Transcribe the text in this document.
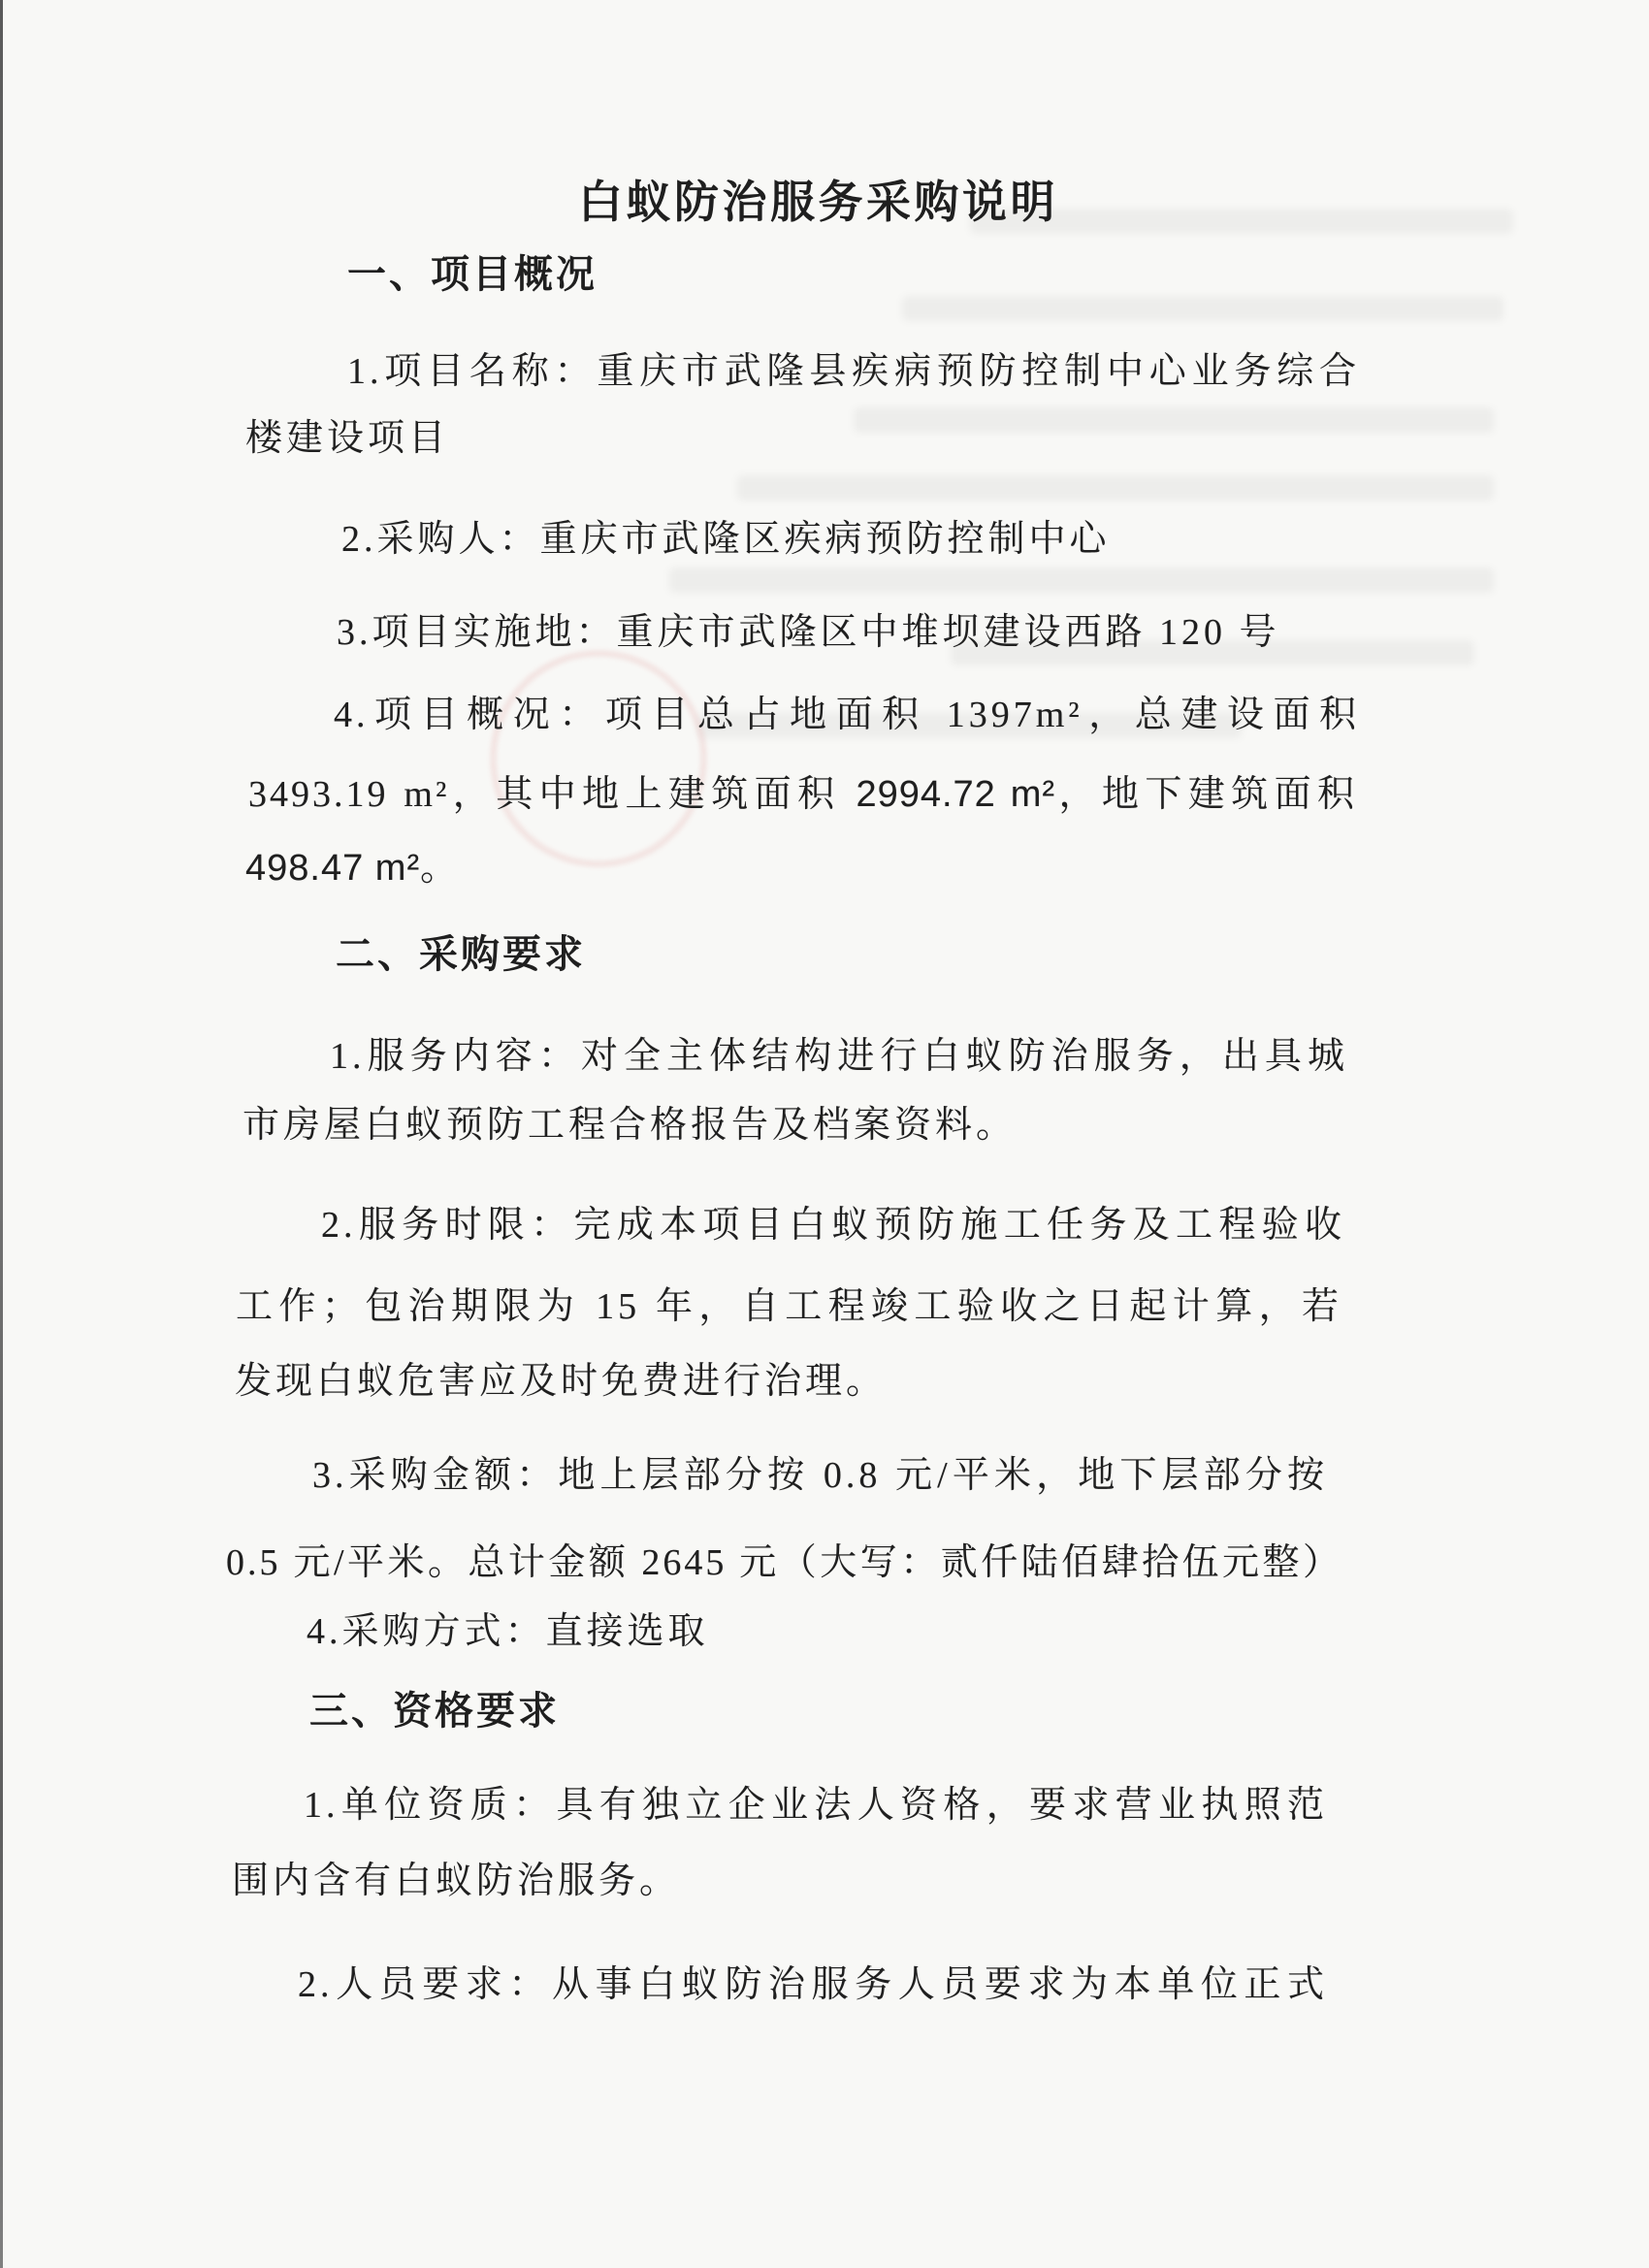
白蚁防治服务采购说明
一、项目概况
1.项目名称：重庆市武隆县疾病预防控制中心业务综合
楼建设项目
2.采购人：重庆市武隆区疾病预防控制中心
3.项目实施地：重庆市武隆区中堆坝建设西路 120 号
4.项目概况：项目总占地面积 1397m²，总建设面积
3493.19 m²，其中地上建筑面积 2994.72 m²，地下建筑面积
498.47 m²。
二、采购要求
1.服务内容：对全主体结构进行白蚁防治服务，出具城
市房屋白蚁预防工程合格报告及档案资料。
2.服务时限：完成本项目白蚁预防施工任务及工程验收
工作；包治期限为 15 年，自工程竣工验收之日起计算，若
发现白蚁危害应及时免费进行治理。
3.采购金额：地上层部分按 0.8 元/平米，地下层部分按
0.5 元/平米。总计金额 2645 元（大写：贰仟陆佰肆拾伍元整）
4.采购方式：直接选取
三、资格要求
1.单位资质：具有独立企业法人资格，要求营业执照范
围内含有白蚁防治服务。
2.人员要求：从事白蚁防治服务人员要求为本单位正式
